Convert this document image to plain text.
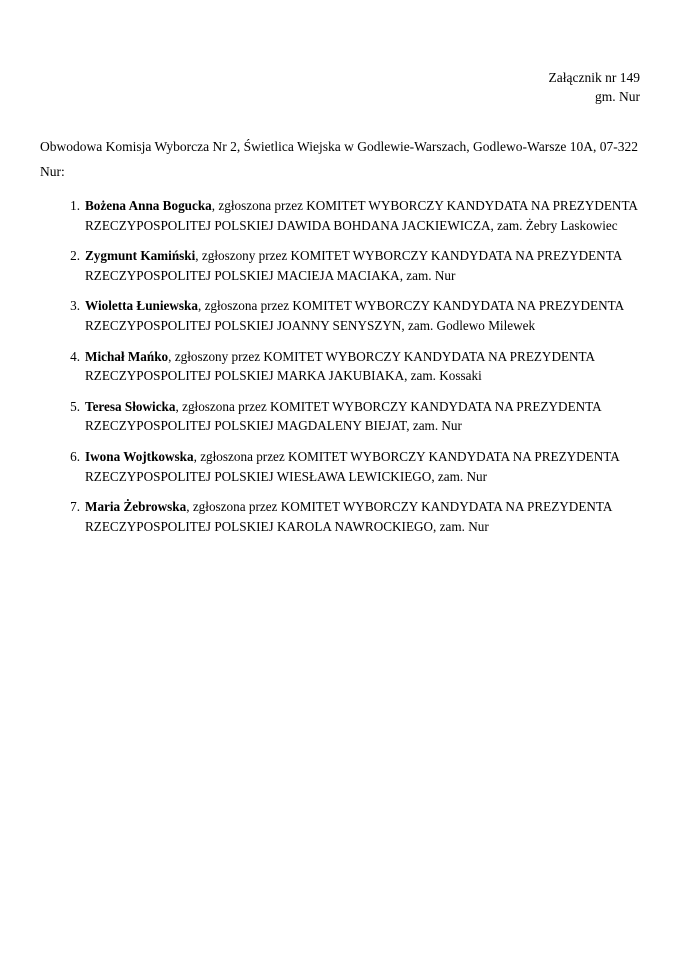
Załącznik nr 149
gm. Nur

Obwodowa Komisja Wyborcza Nr 2, Świetlica Wiejska w Godlewie-Warszach, Godlewo-Warsze 10A, 07-322 Nur:

1. Bożena Anna Bogucka, zgłoszona przez KOMITET WYBORCZY KANDYDATA NA PREZYDENTA RZECZYPOSPOLITEJ POLSKIEJ DAWIDA BOHDANA JACKIEWICZA, zam. Żebry Laskowiec
2. Zygmunt Kamiński, zgłoszony przez KOMITET WYBORCZY KANDYDATA NA PREZYDENTA RZECZYPOSPOLITEJ POLSKIEJ MACIEJA MACIAKA, zam. Nur
3. Wioletta Łuniewska, zgłoszona przez KOMITET WYBORCZY KANDYDATA NA PREZYDENTA RZECZYPOSPOLITEJ POLSKIEJ JOANNY SENYSZYN, zam. Godlewo Milewek
4. Michał Mańko, zgłoszony przez KOMITET WYBORCZY KANDYDATA NA PREZYDENTA RZECZYPOSPOLITEJ POLSKIEJ MARKA JAKUBIAKA, zam. Kossaki
5. Teresa Słowicka, zgłoszona przez KOMITET WYBORCZY KANDYDATA NA PREZYDENTA RZECZYPOSPOLITEJ POLSKIEJ MAGDALENY BIEJAT, zam. Nur
6. Iwona Wojtkowska, zgłoszona przez KOMITET WYBORCZY KANDYDATA NA PREZYDENTA RZECZYPOSPOLITEJ POLSKIEJ WIESŁAWA LEWICKIEGO, zam. Nur
7. Maria Żebrowska, zgłoszona przez KOMITET WYBORCZY KANDYDATA NA PREZYDENTA RZECZYPOSPOLITEJ POLSKIEJ KAROLA NAWROCKIEGO, zam. Nur
